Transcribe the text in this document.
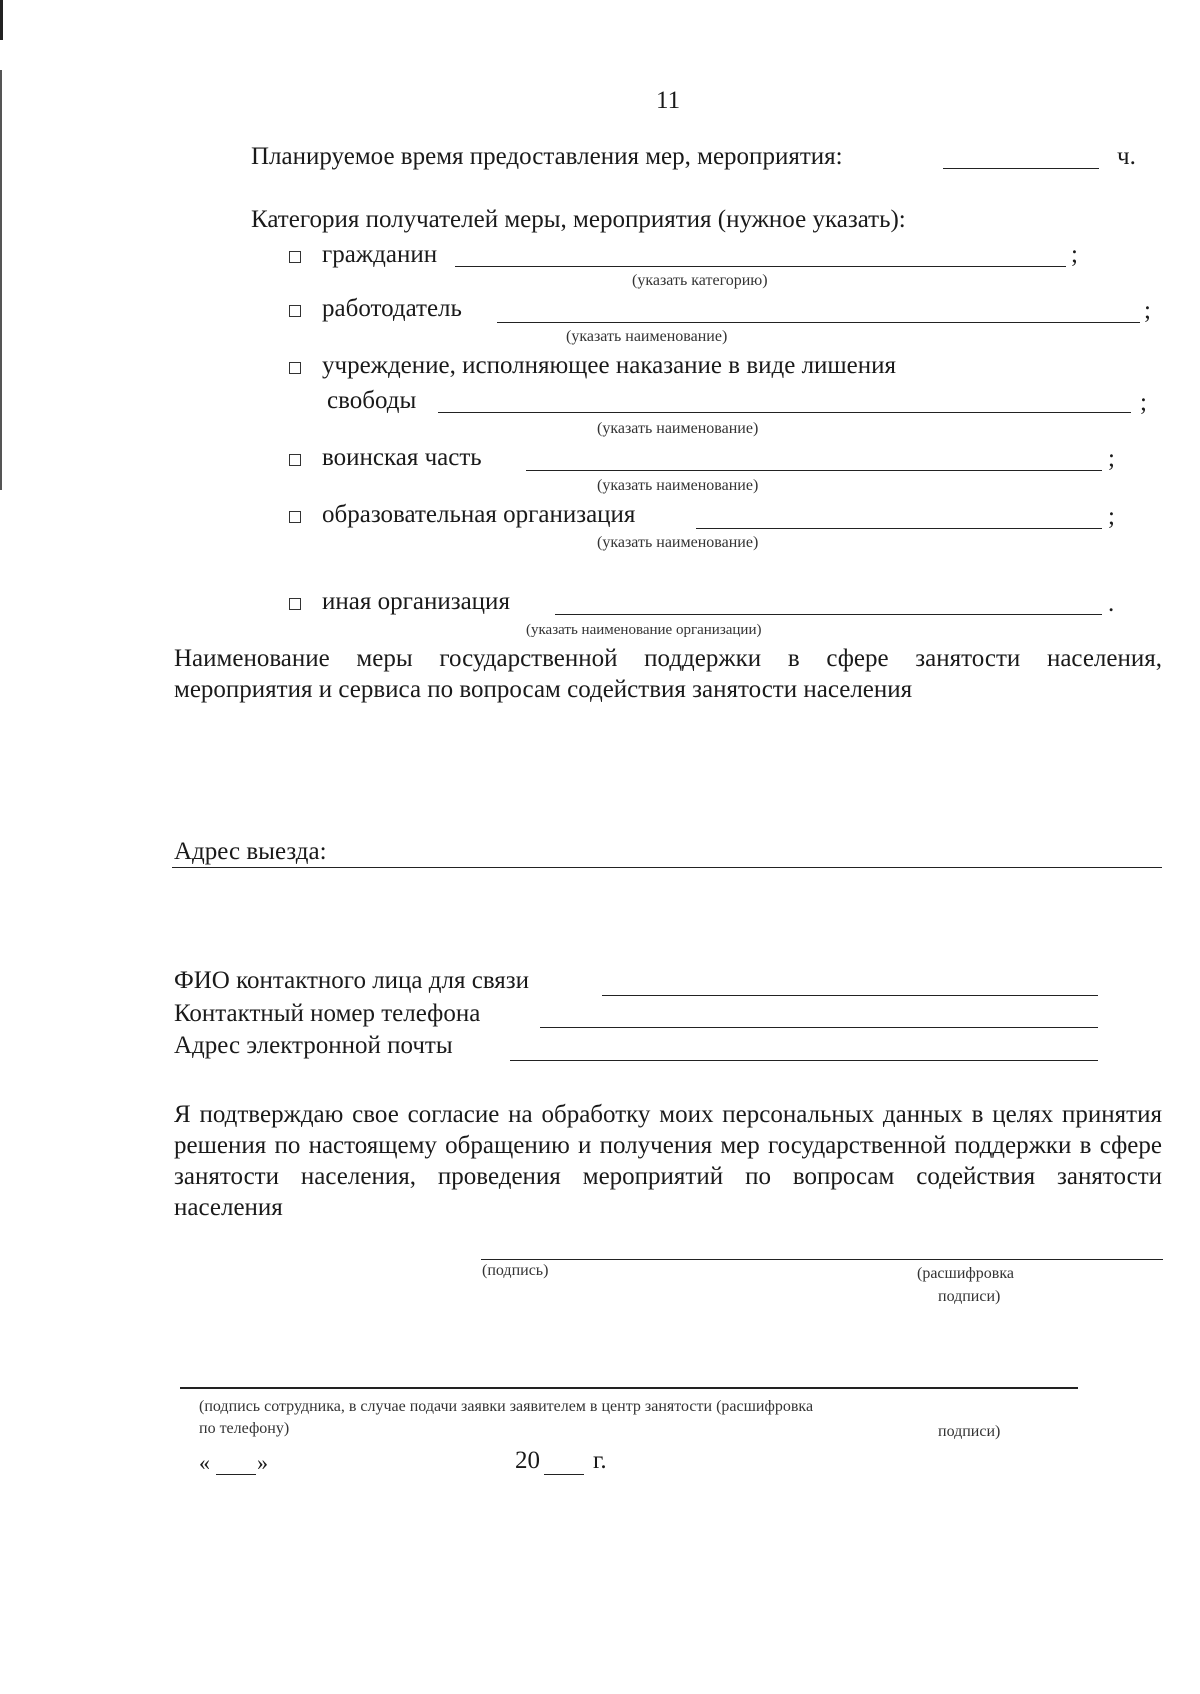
11
Планируемое время предоставления мер, мероприятия:	ч.
Категория получателей меры, мероприятия (нужное указать):
гражданин	;
(указать категорию)
работодатель	;
(указать наименование)
учреждение, исполняющее наказание в виде лишения
свободы	;
(указать наименование)
воинская часть	;
(указать наименование)
образовательная организация	;
(указать наименование)
иная организация	.
(указать наименование организации)
Наименование меры государственной поддержки в сфере занятости населения, мероприятия и сервиса по вопросам содействия занятости населения
Адрес выезда:
ФИО контактного лица для связи
Контактный номер телефона
Адрес электронной почты
Я подтверждаю свое согласие на обработку моих персональных данных в целях принятия решения по настоящему обращению и получения мер государственной поддержки в сфере занятости населения, проведения мероприятий по вопросам содействия занятости населения
(подпись)	(расшифровка
подписи)
(подпись сотрудника, в случае подачи заявки заявителем в центр занятости (расшифровка
по телефону)	подписи)
« »	20 г.
